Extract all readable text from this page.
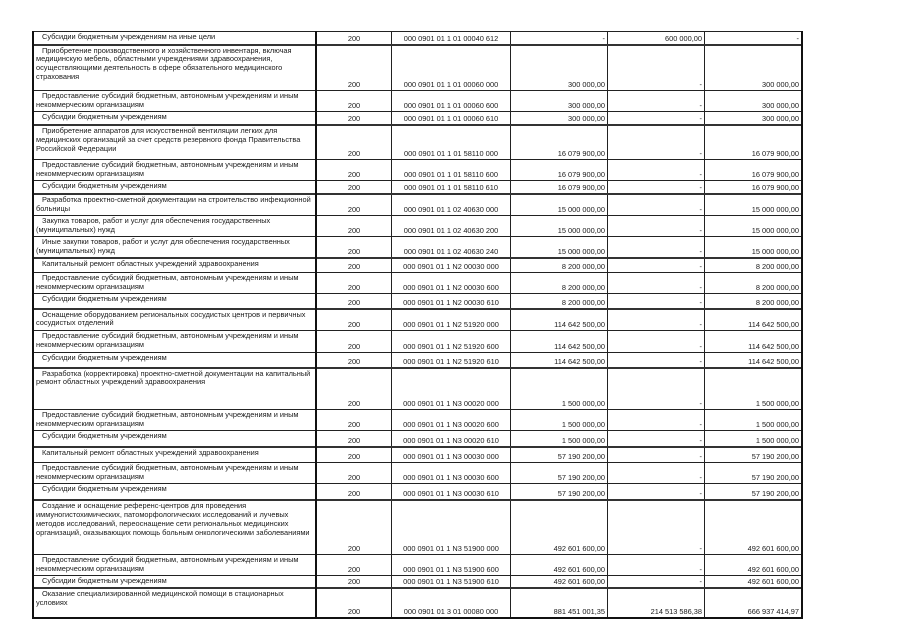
Субсидии бюджетным учреждениям на иные цели	200	000 0901 01 1 01 00040 612	-	600 000,00	-

Приобретение производственного и хозяйственного инвентаря, включая медицинскую мебель, областными учреждениями здравоохранения, осуществляющими деятельность в сфере обязательного медицинского страхования	200	000 0901 01 1 01 00060 000	300 000,00	-	300 000,00

Предоставление субсидий бюджетным, автономным учреждениям и иным некоммерческим организациям	200	000 0901 01 1 01 00060 600	300 000,00	-	300 000,00

Субсидии бюджетным учреждениям	200	000 0901 01 1 01 00060 610	300 000,00	-	300 000,00

Приобретение аппаратов для искусственной вентиляции легких для медицинских организаций за счет средств резервного фонда Правительства Российской Федерации	200	000 0901 01 1 01 58110 000	16 079 900,00	-	16 079 900,00

Предоставление субсидий бюджетным, автономным учреждениям и иным некоммерческим организациям	200	000 0901 01 1 01 58110 600	16 079 900,00	-	16 079 900,00

Субсидии бюджетным учреждениям	200	000 0901 01 1 01 58110 610	16 079 900,00	-	16 079 900,00

Разработка проектно-сметной документации на строительство инфекционной больницы	200	000 0901 01 1 02 40630 000	15 000 000,00	-	15 000 000,00

Закупка товаров, работ и услуг для обеспечения государственных (муниципальных) нужд	200	000 0901 01 1 02 40630 200	15 000 000,00	-	15 000 000,00

Иные закупки товаров, работ и услуг для обеспечения государственных (муниципальных) нужд	200	000 0901 01 1 02 40630 240	15 000 000,00	-	15 000 000,00

Капитальный ремонт областных учреждений здравоохранения	200	000 0901 01 1 N2 00030 000	8 200 000,00	-	8 200 000,00

Предоставление субсидий бюджетным, автономным учреждениям и иным некоммерческим организациям	200	000 0901 01 1 N2 00030 600	8 200 000,00	-	8 200 000,00

Субсидии бюджетным учреждениям	200	000 0901 01 1 N2 00030 610	8 200 000,00	-	8 200 000,00

Оснащение оборудованием региональных сосудистых центров и первичных сосудистых отделений	200	000 0901 01 1 N2 51920 000	114 642 500,00	-	114 642 500,00

Предоставление субсидий бюджетным, автономным учреждениям и иным некоммерческим организациям	200	000 0901 01 1 N2 51920 600	114 642 500,00	-	114 642 500,00

Субсидии бюджетным учреждениям	200	000 0901 01 1 N2 51920 610	114 642 500,00	-	114 642 500,00

Разработка (корректировка) проектно-сметной документации на капитальный ремонт областных учреждений здравоохранения	200	000 0901 01 1 N3 00020 000	1 500 000,00	-	1 500 000,00

Предоставление субсидий бюджетным, автономным учреждениям и иным некоммерческим организациям	200	000 0901 01 1 N3 00020 600	1 500 000,00	-	1 500 000,00

Субсидии бюджетным учреждениям	200	000 0901 01 1 N3 00020 610	1 500 000,00	-	1 500 000,00

Капитальный ремонт областных учреждений здравоохранения	200	000 0901 01 1 N3 00030 000	57 190 200,00	-	57 190 200,00

Предоставление субсидий бюджетным, автономным учреждениям и иным некоммерческим организациям	200	000 0901 01 1 N3 00030 600	57 190 200,00	-	57 190 200,00

Субсидии бюджетным учреждениям	200	000 0901 01 1 N3 00030 610	57 190 200,00	-	57 190 200,00

Создание и оснащение референс-центров для проведения иммуногистохимических, патоморфологических исследований и лучевых методов исследований, переоснащение сети региональных медицинских организаций, оказывающих помощь больным онкологическими заболеваниями	200	000 0901 01 1 N3 51900 000	492 601 600,00	-	492 601 600,00

Предоставление субсидий бюджетным, автономным учреждениям и иным некоммерческим организациям	200	000 0901 01 1 N3 51900 600	492 601 600,00	-	492 601 600,00

Субсидии бюджетным учреждениям	200	000 0901 01 1 N3 51900 610	492 601 600,00	-	492 601 600,00

Оказание специализированной медицинской помощи в стационарных условиях	200	000 0901 01 3 01 00080 000	881 451 001,35	214 513 586,38	666 937 414,97
